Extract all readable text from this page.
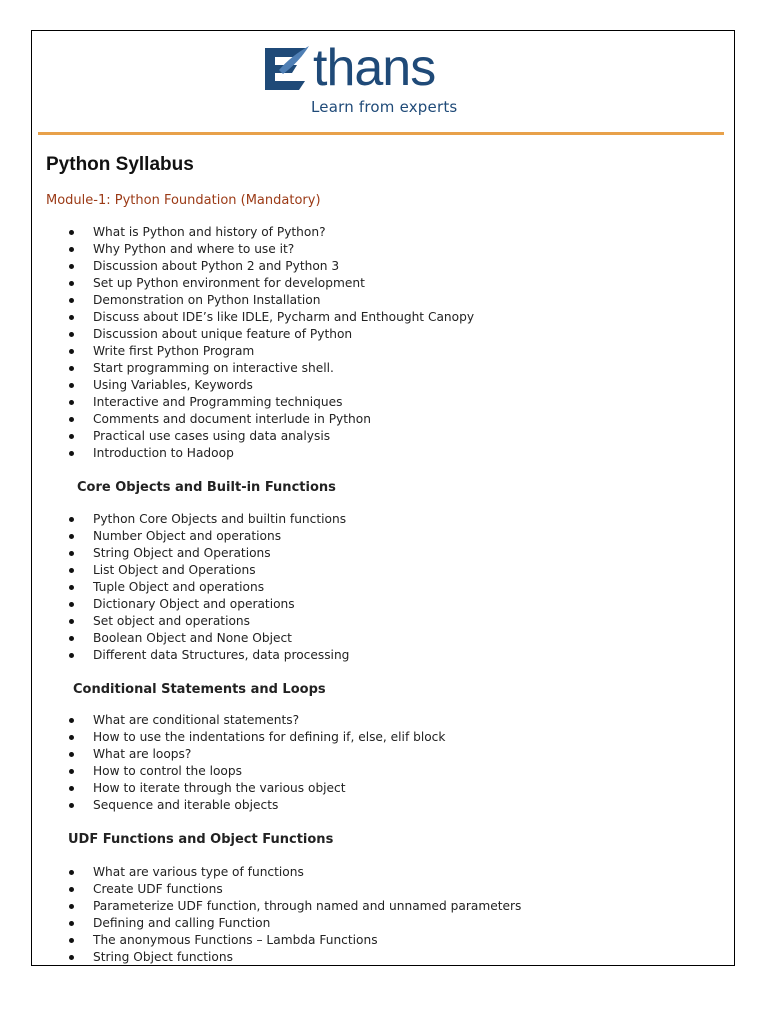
thans
Learn from experts
Python Syllabus

Module-1: Python Foundation (Mandatory)

What is Python and history of Python?
Why Python and where to use it?
Discussion about Python 2 and Python 3
Set up Python environment for development
Demonstration on Python Installation
Discuss about IDE’s like IDLE, Pycharm and Enthought Canopy
Discussion about unique feature of Python
Write first Python Program
Start programming on interactive shell.
Using Variables, Keywords
Interactive and Programming techniques
Comments and document interlude in Python
Practical use cases using data analysis
Introduction to Hadoop

Core Objects and Built-in Functions

Python Core Objects and builtin functions
Number Object and operations
String Object and Operations
List Object and Operations
Tuple Object and operations
Dictionary Object and operations
Set object and operations
Boolean Object and None Object
Different data Structures, data processing

Conditional Statements and Loops

What are conditional statements?
How to use the indentations for defining if, else, elif block
What are loops?
How to control the loops
How to iterate through the various object
Sequence and iterable objects

UDF Functions and Object Functions

What are various type of functions
Create UDF functions
Parameterize UDF function, through named and unnamed parameters
Defining and calling Function
The anonymous Functions – Lambda Functions
String Object functions
